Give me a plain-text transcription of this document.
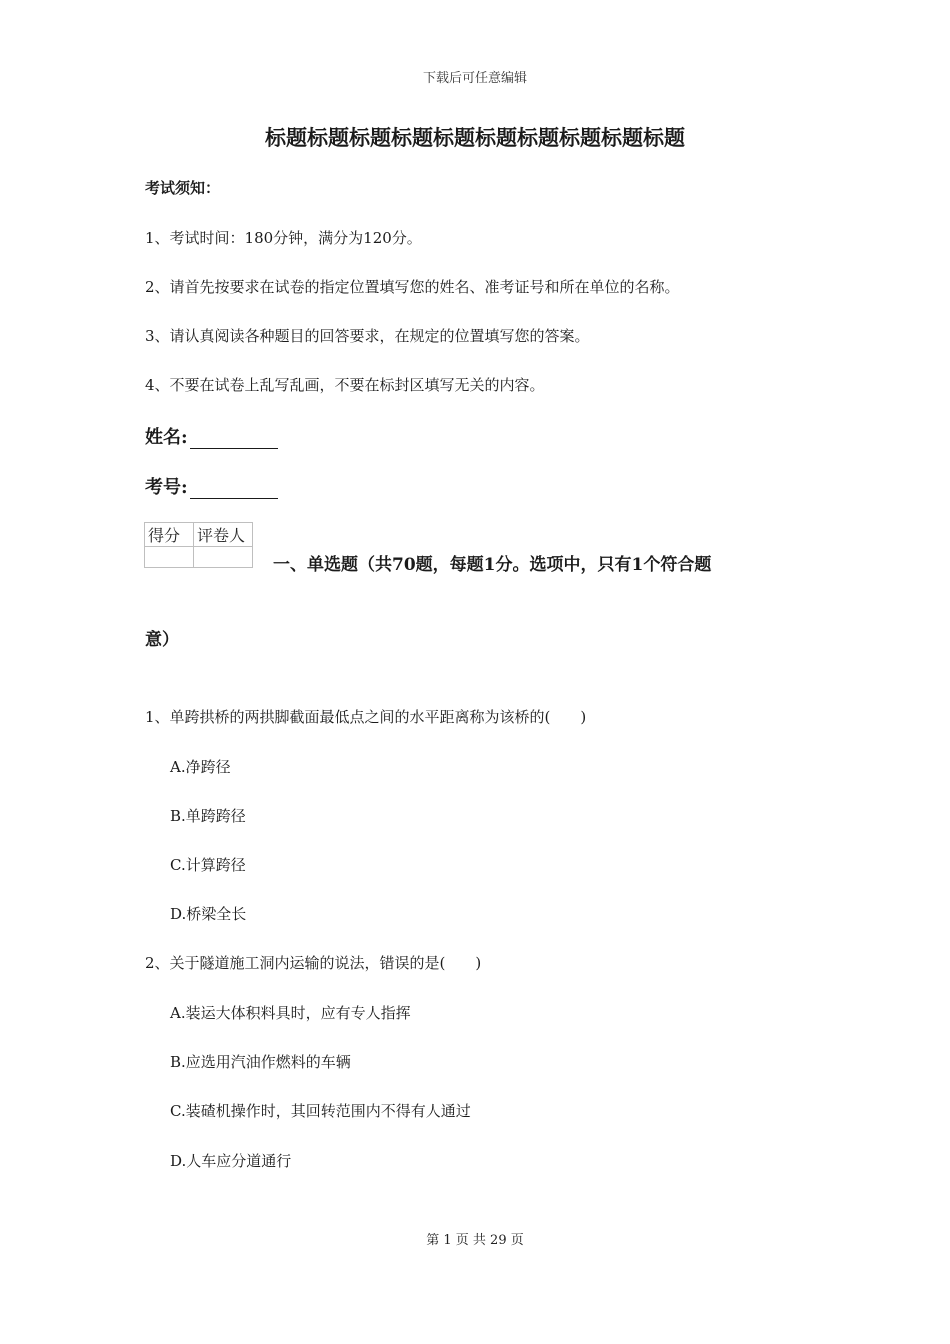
下载后可任意编辑
标题标题标题标题标题标题标题标题标题标题
考试须知：
1、考试时间：180分钟，满分为120分。
2、请首先按要求在试卷的指定位置填写您的姓名、准考证号和所在单位的名称。
3、请认真阅读各种题目的回答要求，在规定的位置填写您的答案。
4、不要在试卷上乱写乱画，不要在标封区填写无关的内容。
姓名:
考号:
得分	评卷人

一、单选题（共70题，每题1分。选项中，只有1个符合题
意）
1、单跨拱桥的两拱脚截面最低点之间的水平距离称为该桥的(　　)
A.净跨径
B.单跨跨径
C.计算跨径
D.桥梁全长
2、关于隧道施工洞内运输的说法，错误的是(　　)
A.装运大体积料具时，应有专人指挥
B.应选用汽油作燃料的车辆
C.装碴机操作时，其回转范围内不得有人通过
D.人车应分道通行
第 1 页 共 29 页
